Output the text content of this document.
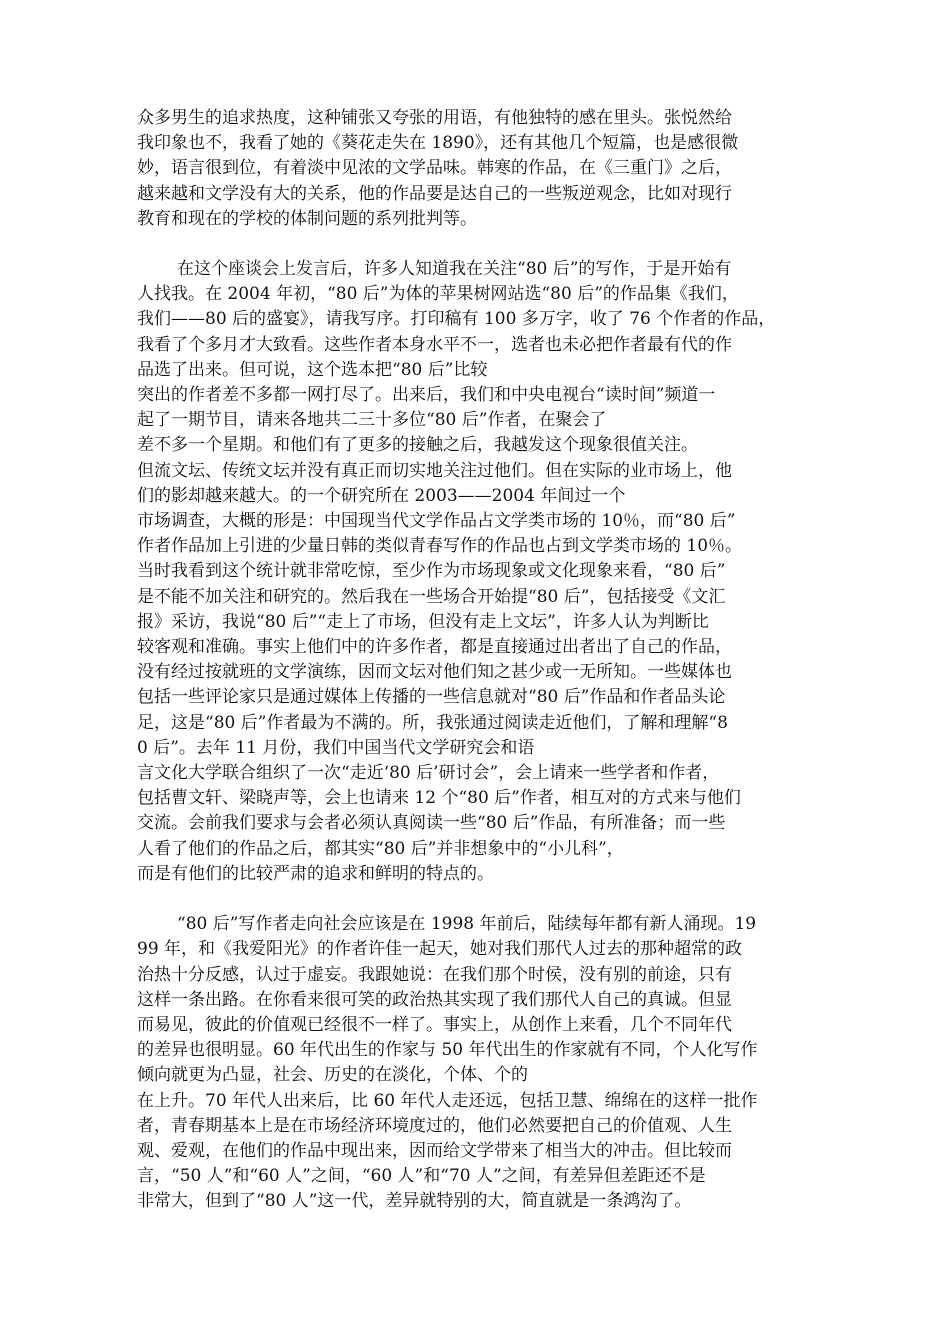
众多男生的追求热度，这种铺张又夸张的用语，有他独特的感在里头。张悦然给
我印象也不，我看了她的《葵花走失在 1890》，还有其他几个短篇，也是感很微
妙，语言很到位，有着淡中见浓的文学品味。韩寒的作品，在《三重门》之后，
越来越和文学没有大的关系，他的作品要是达自己的一些叛逆观念，比如对现行
教育和现在的学校的体制问题的系列批判等。
在这个座谈会上发言后，许多人知道我在关注“80 后”的写作，于是开始有
人找我。在 2004 年初，“80 后”为体的苹果树网站选“80 后”的作品集《我们，
我们——80 后的盛宴》，请我写序。打印稿有 100 多万字，收了 76 个作者的作品，
我看了个多月才大致看。这些作者本身水平不一，选者也未必把作者最有代的作
品选了出来。但可说，这个选本把“80 后”比较
突出的作者差不多都一网打尽了。出来后，我们和中央电视台“读时间”频道一
起了一期节目，请来各地共二三十多位“80 后”作者，在聚会了
差不多一个星期。和他们有了更多的接触之后，我越发这个现象很值关注。
但流文坛、传统文坛并没有真正而切实地关注过他们。但在实际的业市场上，他
们的影却越来越大。的一个研究所在 2003——2004 年间过一个
市场调查，大概的形是：中国现当代文学作品占文学类市场的 10％，而“80 后”
作者作品加上引进的少量日韩的类似青春写作的作品也占到文学类市场的 10％。
当时我看到这个统计就非常吃惊，至少作为市场现象或文化现象来看，“80 后”
是不能不加关注和研究的。然后我在一些场合开始提“80 后”，包括接受《文汇
报》采访，我说“80 后”“走上了市场，但没有走上文坛”，许多人认为判断比
较客观和准确。事实上他们中的许多作者，都是直接通过出者出了自己的作品，
没有经过按就班的文学演练，因而文坛对他们知之甚少或一无所知。一些媒体也
包括一些评论家只是通过媒体上传播的一些信息就对“80 后”作品和作者品头论
足，这是“80 后”作者最为不满的。所，我张通过阅读走近他们，了解和理解“8
0 后”。去年 11 月份，我们中国当代文学研究会和语
言文化大学联合组织了一次“走近‘80 后’研讨会”，会上请来一些学者和作者，
包括曹文轩、梁晓声等，会上也请来 12 个“80 后”作者，相互对的方式来与他们
交流。会前我们要求与会者必须认真阅读一些“80 后”作品，有所准备；而一些
人看了他们的作品之后，都其实“80 后”并非想象中的“小儿科”，
而是有他们的比较严肃的追求和鲜明的特点的。
“80 后”写作者走向社会应该是在 1998 年前后，陆续每年都有新人涌现。19
99 年，和《我爱阳光》的作者许佳一起天，她对我们那代人过去的那种超常的政
治热十分反感，认过于虚妄。我跟她说：在我们那个时侯，没有别的前途，只有
这样一条出路。在你看来很可笑的政治热其实现了我们那代人自己的真诚。但显
而易见，彼此的价值观已经很不一样了。事实上，从创作上来看，几个不同年代
的差异也很明显。60 年代出生的作家与 50 年代出生的作家就有不同，个人化写作
倾向就更为凸显，社会、历史的在淡化，个体、个的
在上升。70 年代人出来后，比 60 年代人走还远，包括卫慧、绵绵在的这样一批作
者，青春期基本上是在市场经济环境度过的，他们必然要把自己的价值观、人生
观、爱观，在他们的作品中现出来，因而给文学带来了相当大的冲击。但比较而
言，“50 人”和“60 人”之间，“60 人”和“70 人”之间，有差异但差距还不是
非常大，但到了“80 人”这一代，差异就特别的大，简直就是一条鸿沟了。
